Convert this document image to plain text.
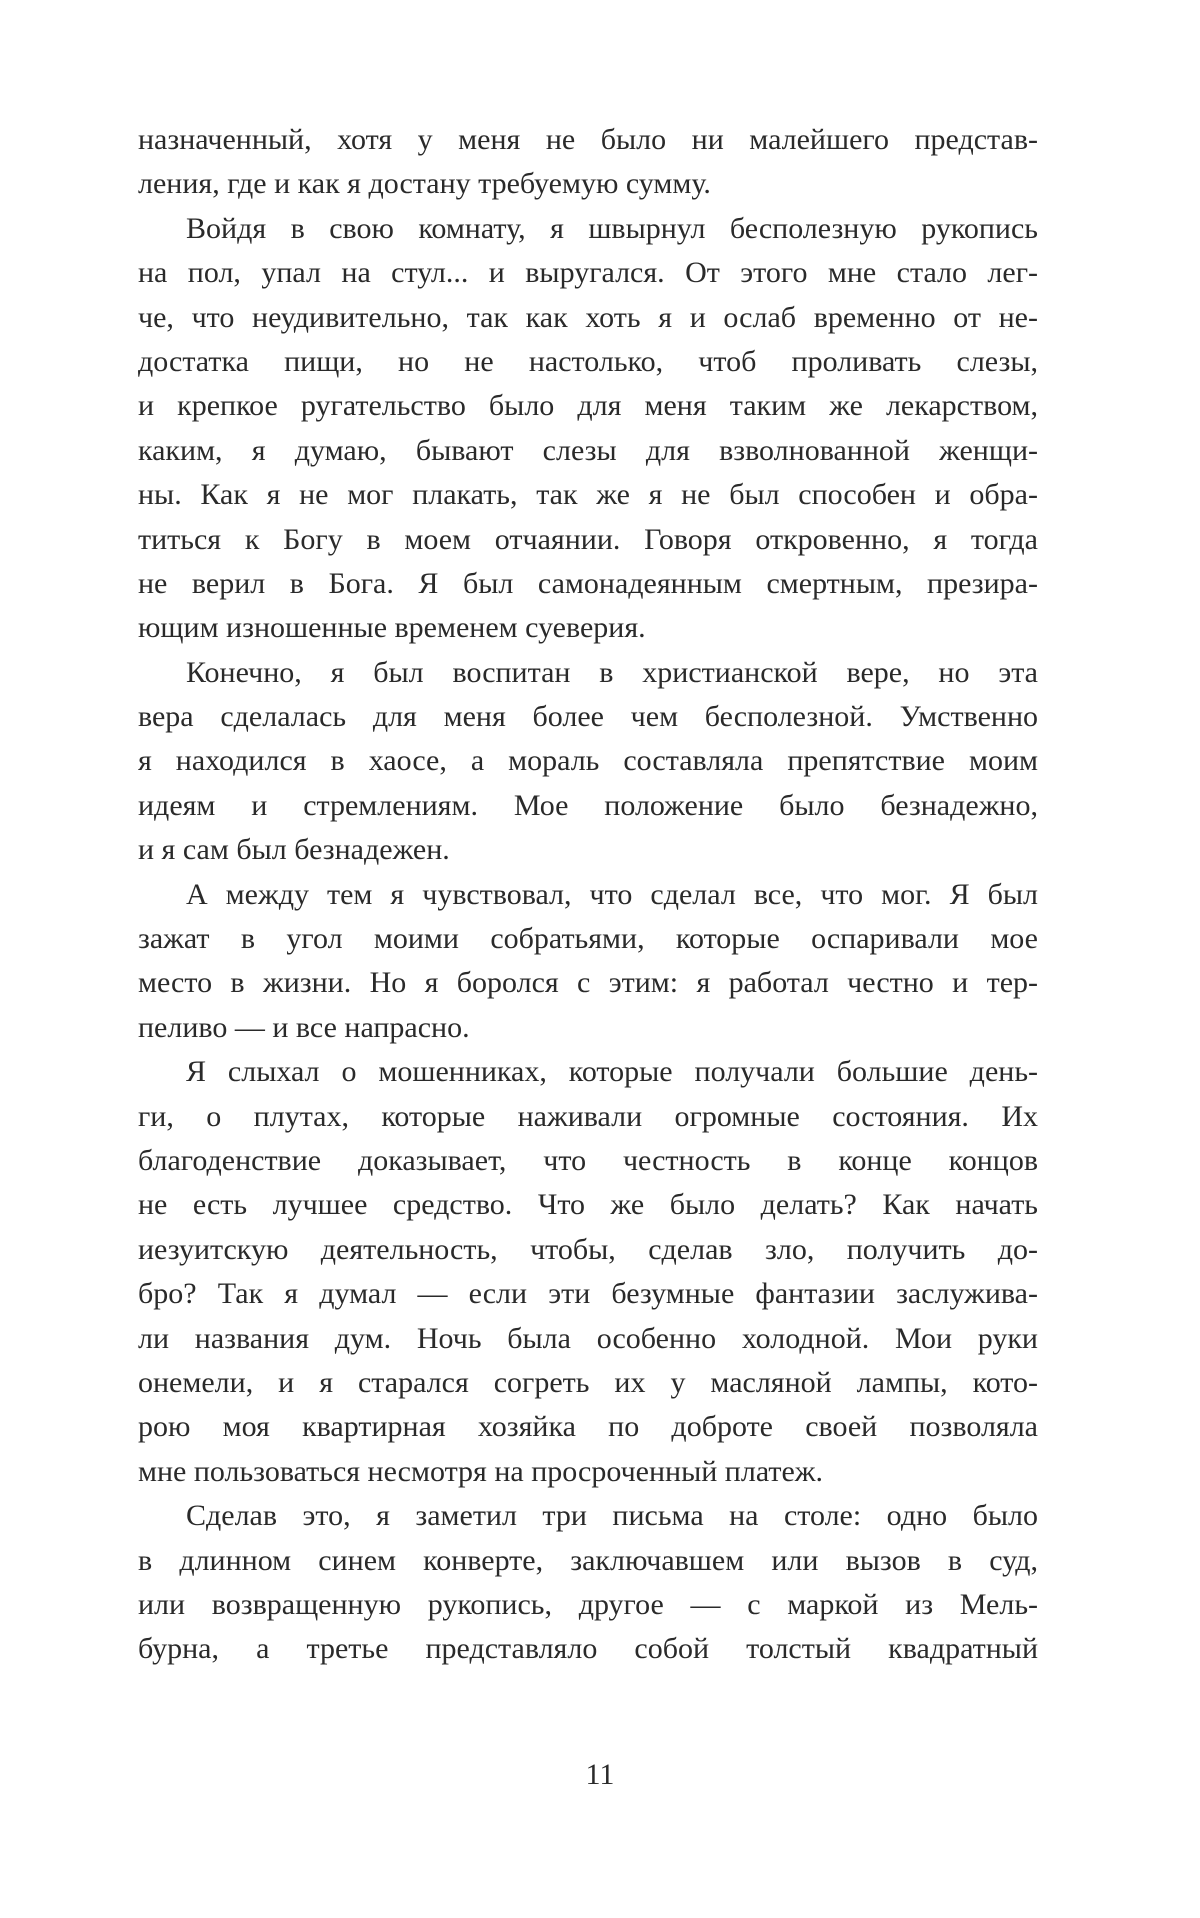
назначенный, хотя у меня не было ни малейшего представ-
ления, где и как я достану требуемую сумму.
Войдя в свою комнату, я швырнул бесполезную рукопись
на пол, упал на стул... и выругался. От этого мне стало лег-
че, что неудивительно, так как хоть я и ослаб временно от не-
достатка пищи, но не настолько, чтоб проливать слезы,
и крепкое ругательство было для меня таким же лекарством,
каким, я думаю, бывают слезы для взволнованной женщи-
ны. Как я не мог плакать, так же я не был способен и обра-
титься к Богу в моем отчаянии. Говоря откровенно, я тогда
не верил в Бога. Я был самонадеянным смертным, презира-
ющим изношенные временем суеверия.
Конечно, я был воспитан в христианской вере, но эта
вера сделалась для меня более чем бесполезной. Умственно
я находился в хаосе, а мораль составляла препятствие моим
идеям и стремлениям. Мое положение было безнадежно,
и я сам был безнадежен.
А между тем я чувствовал, что сделал все, что мог. Я был
зажат в угол моими собратьями, которые оспаривали мое
место в жизни. Но я боролся с этим: я работал честно и тер-
пеливо — и все напрасно.
Я слыхал о мошенниках, которые получали большие день-
ги, о плутах, которые наживали огромные состояния. Их
благоденствие доказывает, что честность в конце концов
не есть лучшее средство. Что же было делать? Как начать
иезуитскую деятельность, чтобы, сделав зло, получить до-
бро? Так я думал — если эти безумные фантазии заслужива-
ли названия дум. Ночь была особенно холодной. Мои руки
онемели, и я старался согреть их у масляной лампы, кото-
рою моя квартирная хозяйка по доброте своей позволяла
мне пользоваться несмотря на просроченный платеж.
Сделав это, я заметил три письма на столе: одно было
в длинном синем конверте, заключавшем или вызов в суд,
или возвращенную рукопись, другое — с маркой из Мель-
бурна, а третье представляло собой толстый квадратный
11
